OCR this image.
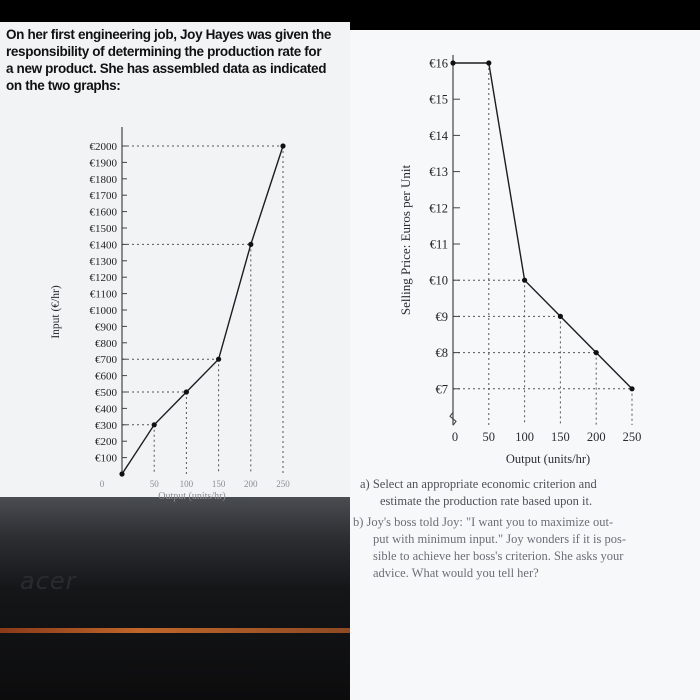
acer
On her first engineering job, Joy Hayes was given the
responsibility of determining the production rate for
a new product. She has assembled data as indicated
on the two graphs:
Input (€/hr)
Output (units/hr)
€100
€200
€300
€400
€500
€600
€700
€800
€900
€1000
€1100
€1200
€1300
€1400
€1500
€1600
€1700
€1800
€1900
€2000
0	50 100 150 200 250
Selling Price: Euros per Unit
Output (units/hr)
€7
€8
€9
€10
€11
€12
€13
€14
€15
€16
0 50 100 150 200 250
a) Select an appropriate economic criterion and
estimate the production rate based upon it.
b) Joy's boss told Joy: "I want you to maximize out-
put with minimum input." Joy wonders if it is pos-
sible to achieve her boss's criterion. She asks your
advice. What would you tell her?
